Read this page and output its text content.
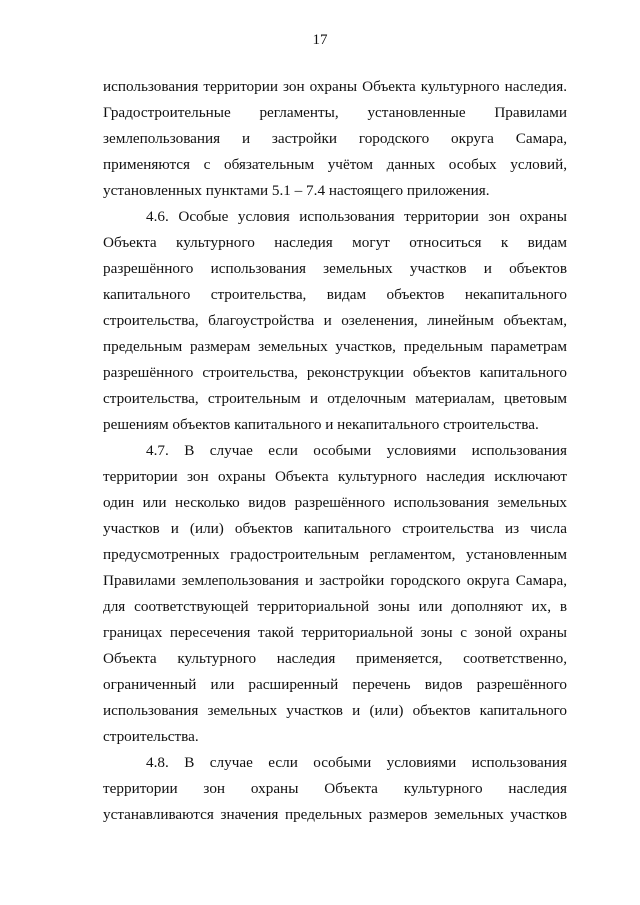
17
использования территории зон охраны Объекта культурного наследия.
Градостроительные регламенты, установленные Правилами
землепользования и застройки городского округа Самара,
применяются с обязательным учётом данных особых условий,
установленных пунктами 5.1 – 7.4 настоящего приложения.
4.6. Особые условия использования территории зон охраны
Объекта культурного наследия могут относиться к видам
разрешённого использования земельных участков и объектов
капитального строительства, видам объектов некапитального
строительства, благоустройства и озеленения, линейным объектам,
предельным размерам земельных участков, предельным параметрам
разрешённого строительства, реконструкции объектов капитального
строительства, строительным и отделочным материалам, цветовым
решениям объектов капитального и некапитального строительства.
4.7. В случае если особыми условиями использования
территории зон охраны Объекта культурного наследия исключают
один или несколько видов разрешённого использования земельных
участков и (или) объектов капитального строительства из числа
предусмотренных градостроительным регламентом, установленным
Правилами землепользования и застройки городского округа Самара,
для соответствующей территориальной зоны или дополняют их, в
границах пересечения такой территориальной зоны с зоной охраны
Объекта культурного наследия применяется, соответственно,
ограниченный или расширенный перечень видов разрешённого
использования земельных участков и (или) объектов капитального
строительства.
4.8. В случае если особыми условиями использования
территории зон охраны Объекта культурного наследия
устанавливаются значения предельных размеров земельных участков
